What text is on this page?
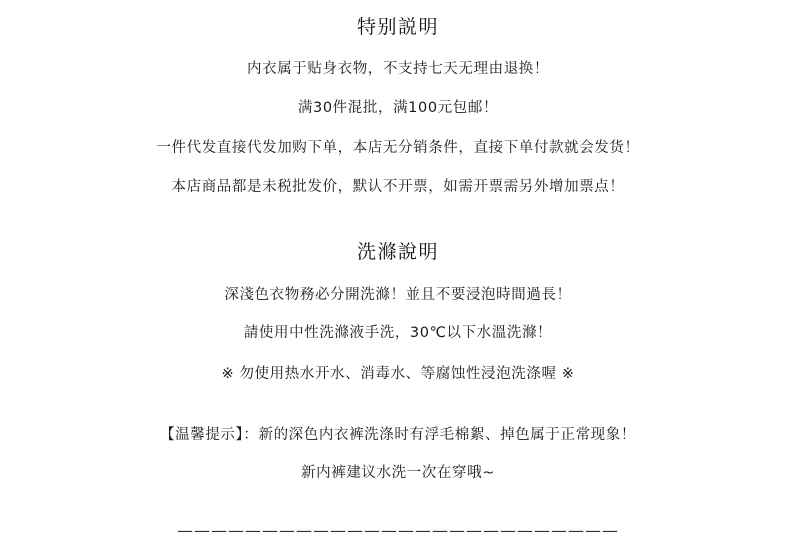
特别説明
内衣属于贴身衣物，不支持七天无理由退换！
满30件混批，满100元包邮！
一件代发直接代发加购下单，本店无分销条件，直接下单付款就会发货！
本店商品都是未税批发价，默认不开票，如需开票需另外增加票点！
洗滌說明
深淺色衣物務必分開洗滌！並且不要浸泡時間過長！
請使用中性洗滌液手洗，30℃以下水溫洗滌！
※ 勿使用热水开水、消毒水、等腐蚀性浸泡洗涤喔 ※
【温馨提示】：新的深色内衣裤洗涤时有浮毛棉絮、掉色属于正常现象！
新内裤建议水洗一次在穿哦~
——————————————————————————
